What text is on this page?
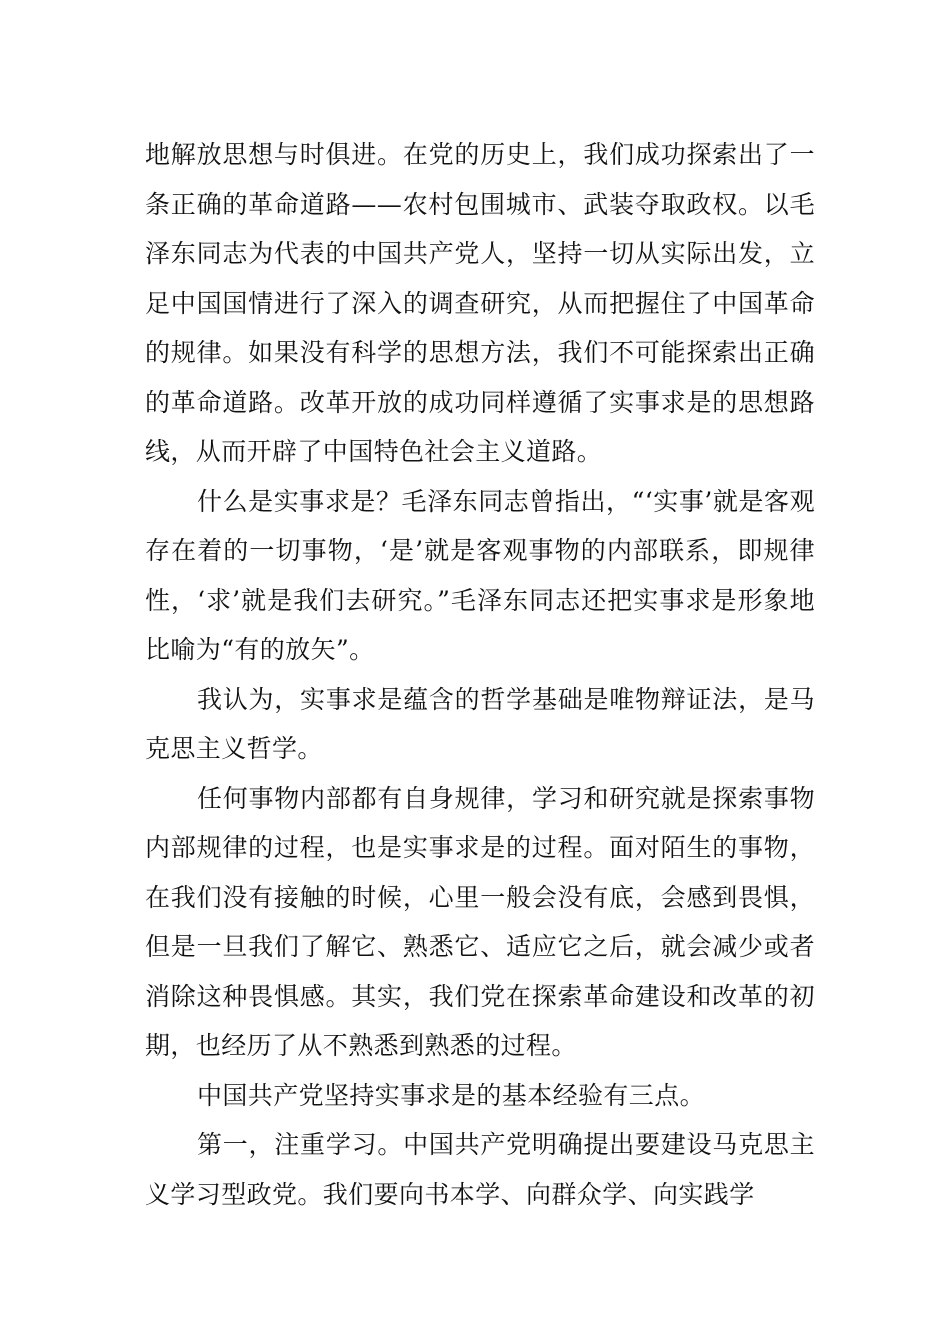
地解放思想与时俱进。在党的历史上，我们成功探索出了一条正确的革命道路——农村包围城市、武装夺取政权。以毛泽东同志为代表的中国共产党人，坚持一切从实际出发，立足中国国情进行了深入的调查研究，从而把握住了中国革命的规律。如果没有科学的思想方法，我们不可能探索出正确的革命道路。改革开放的成功同样遵循了实事求是的思想路线，从而开辟了中国特色社会主义道路。

什么是实事求是？毛泽东同志曾指出，“‘实事’就是客观存在着的一切事物，‘是’就是客观事物的内部联系，即规律性，‘求’就是我们去研究。”毛泽东同志还把实事求是形象地比喻为“有的放矢”。

我认为，实事求是蕴含的哲学基础是唯物辩证法，是马克思主义哲学。

任何事物内部都有自身规律，学习和研究就是探索事物内部规律的过程，也是实事求是的过程。面对陌生的事物，在我们没有接触的时候，心里一般会没有底，会感到畏惧，但是一旦我们了解它、熟悉它、适应它之后，就会减少或者消除这种畏惧感。其实，我们党在探索革命建设和改革的初期，也经历了从不熟悉到熟悉的过程。

中国共产党坚持实事求是的基本经验有三点。

第一，注重学习。中国共产党明确提出要建设马克思主义学习型政党。我们要向书本学、向群众学、向实践学
